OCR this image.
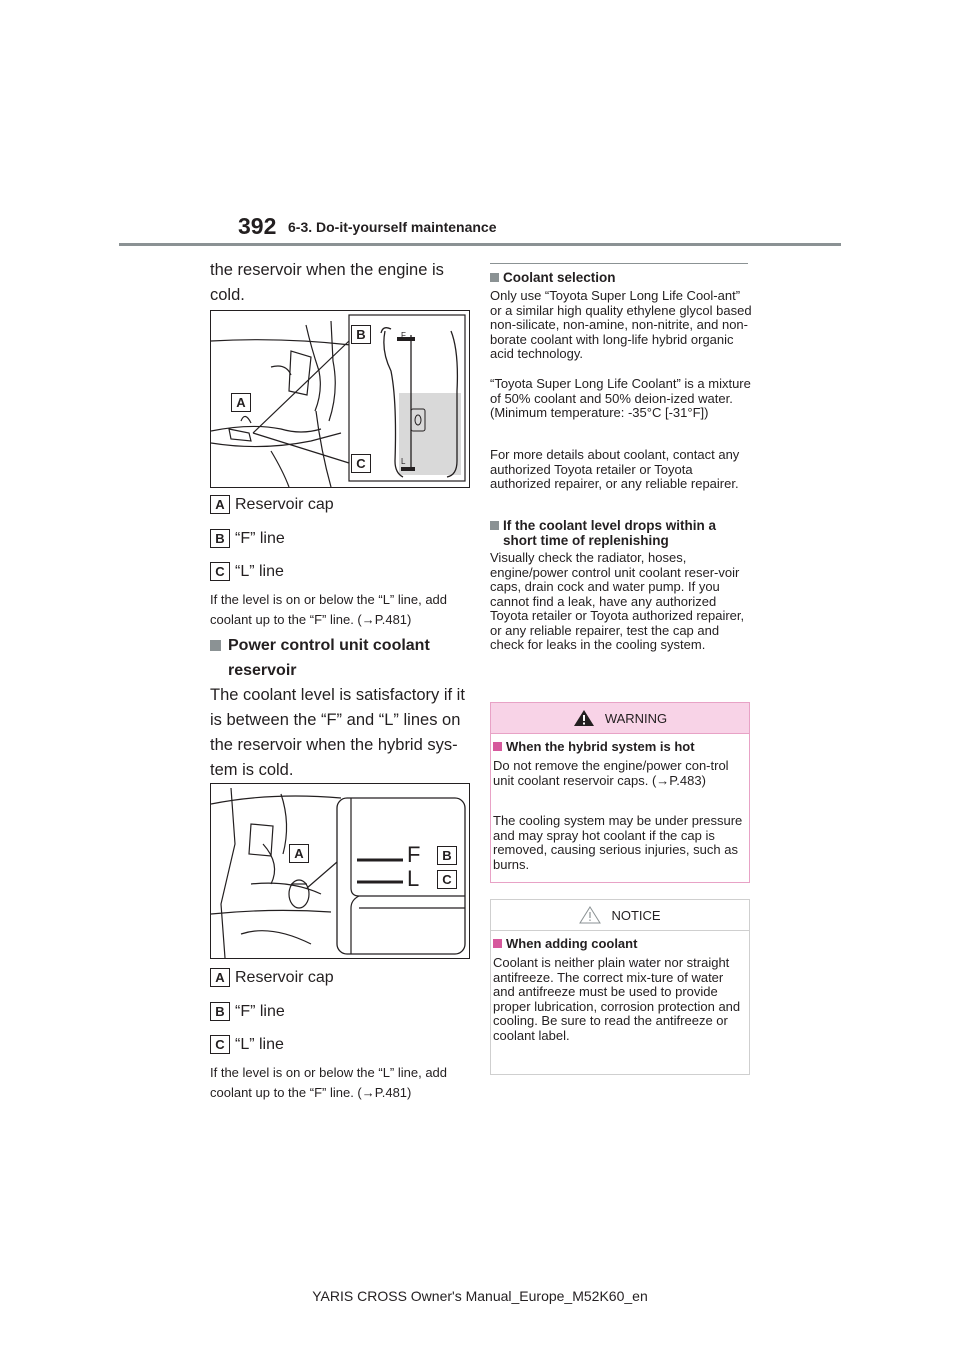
392 6-3. Do-it-yourself maintenance

the reservoir when the engine is cold.

B
A
C
F
L
A Reservoir cap
B “F” line
C “L” line

If the level is on or below the “L” line, add coolant up to the “F” line. (→P.481)

Power control unit coolant reservoir

The coolant level is satisfactory if it is between the “F” and “L” lines on the reservoir when the hybrid sys-tem is cold.

A	B
C
F
L
A Reservoir cap
B “F” line
C “L” line

If the level is on or below the “L” line, add coolant up to the “F” line. (→P.481)

Coolant selection

Only use “Toyota Super Long Life Cool-ant” or a similar high quality ethylene glycol based non-silicate, non-amine, non-nitrite, and non-borate coolant with long-life hybrid organic acid technology.

“Toyota Super Long Life Coolant” is a mixture of 50% coolant and 50% deion-ized water. (Minimum temperature: -35°C [-31°F])

For more details about coolant, contact any authorized Toyota retailer or Toyota authorized repairer, or any reliable repairer.

If the coolant level drops within a short time of replenishing

Visually check the radiator, hoses, engine/power control unit coolant reser-voir caps, drain cock and water pump. If you cannot find a leak, have any authorized Toyota retailer or Toyota authorized repairer, or any reliable repairer, test the cap and check for leaks in the cooling system.

WARNING
When the hybrid system is hot

Do not remove the engine/power con-trol unit coolant reservoir caps. (→P.483)

The cooling system may be under pressure and may spray hot coolant if the cap is removed, causing serious injuries, such as burns.

NOTICE
When adding coolant

Coolant is neither plain water nor straight antifreeze. The correct mix-ture of water and antifreeze must be used to provide proper lubrication, corrosion protection and cooling. Be sure to read the antifreeze or coolant label.

YARIS CROSS Owner's Manual_Europe_M52K60_en
